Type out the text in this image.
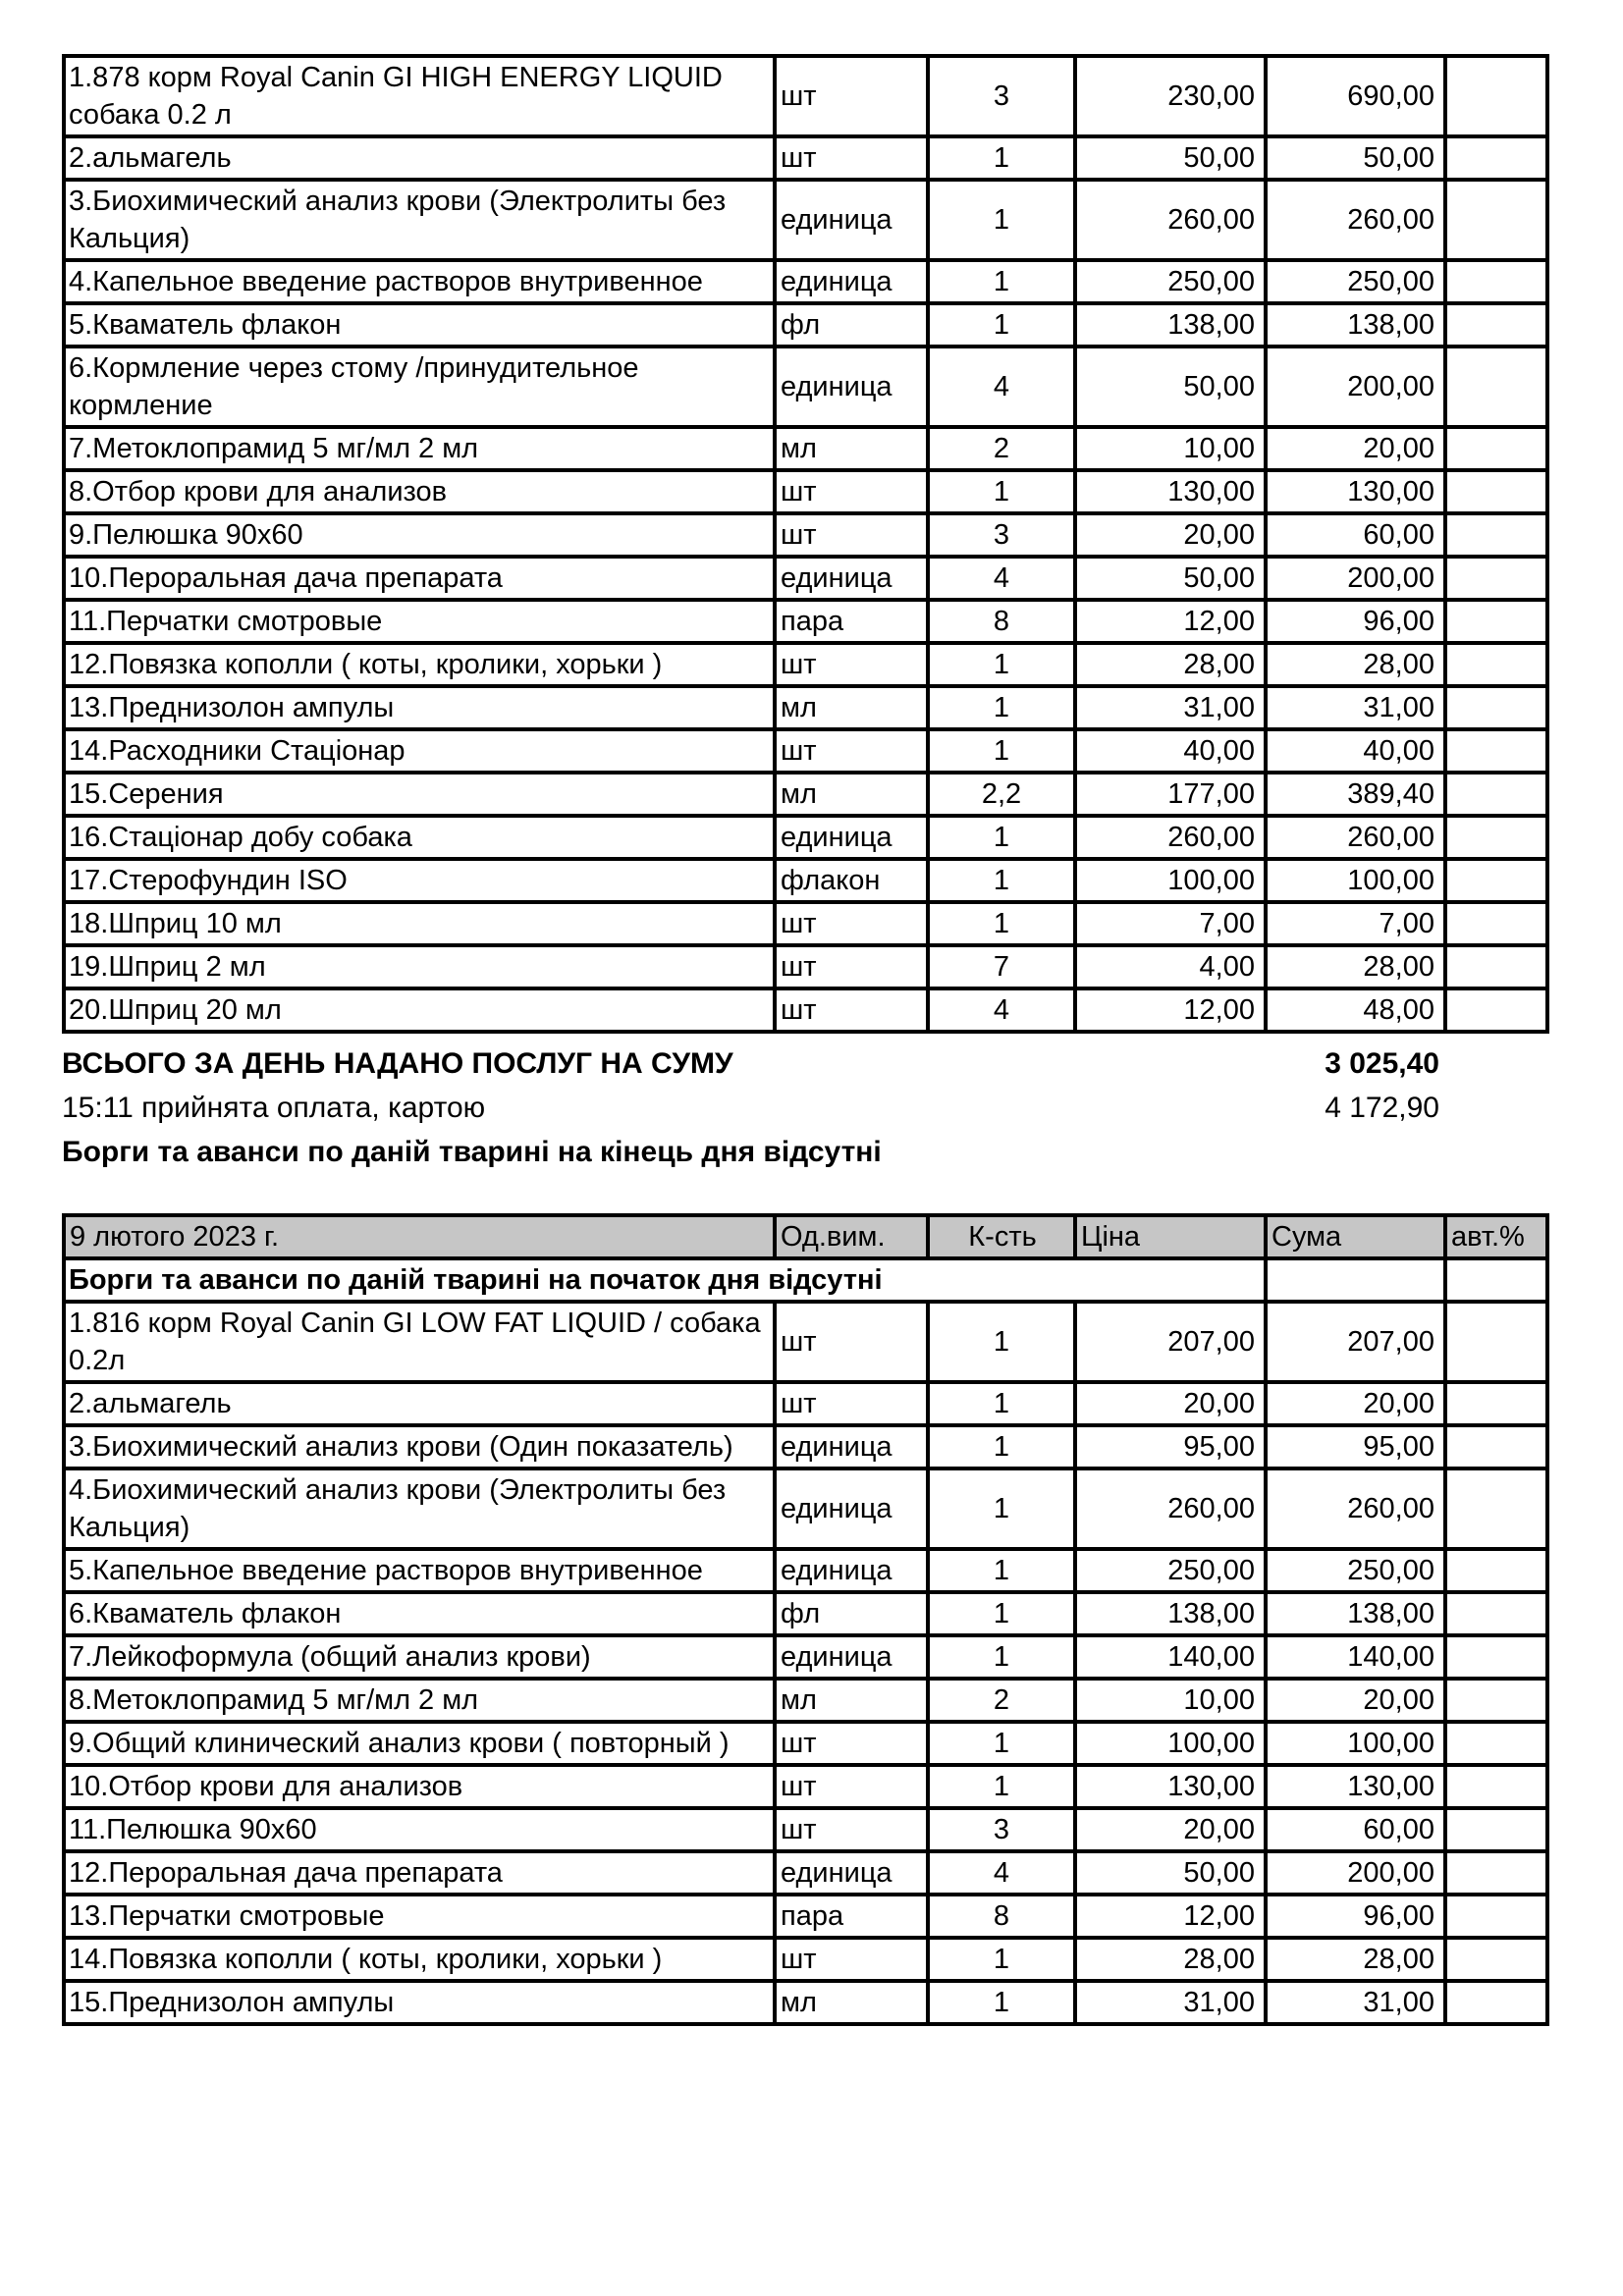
1.878 корм Royal Canin GI HIGH ENERGY LIQUID собака 0.2 л	шт	3	230,00	690,00	
2.альмагель	шт	1	50,00	50,00	
3.Биохимический анализ крови (Электролиты без Кальция)	единица	1	260,00	260,00	
4.Капельное введение растворов внутривенное	единица	1	250,00	250,00	
5.Кваматель флакон	фл	1	138,00	138,00	
6.Кормление через стому /принудительное кормление	единица	4	50,00	200,00	
7.Метоклопрамид 5 мг/мл 2 мл	мл	2	10,00	20,00	
8.Отбор крови для анализов	шт	1	130,00	130,00	
9.Пелюшка 90х60	шт	3	20,00	60,00	
10.Пероральная дача препарата	единица	4	50,00	200,00	
11.Перчатки смотровые	пара	8	12,00	96,00	
12.Повязка кополли ( коты, кролики, хорьки )	шт	1	28,00	28,00	
13.Преднизолон ампулы	мл	1	31,00	31,00	
14.Расходники Стаціонар	шт	1	40,00	40,00	
15.Серения	мл	2,2	177,00	389,40	
16.Стаціонар добу собака	единица	1	260,00	260,00	
17.Стерофундин ISO	флакон	1	100,00	100,00	
18.Шприц 10 мл	шт	1	7,00	7,00	
19.Шприц 2 мл	шт	7	4,00	28,00	
20.Шприц 20 мл	шт	4	12,00	48,00	
ВСЬОГО ЗА ДЕНЬ НАДАНО ПОСЛУГ НА СУМУ	3 025,40
15:11 прийнята оплата, картою	4 172,90
Борги та аванси по даній тварині на кінець дня відсутні
9 лютого 2023 г.	Од.вим.	К-сть	Ціна	Сума	авт.%
Борги та аванси по даній тварині на початок дня відсутні					
1.816 корм Royal Canin GI LOW FAT LIQUID / собака 0.2л	шт	1	207,00	207,00	
2.альмагель	шт	1	20,00	20,00	
3.Биохимический анализ крови (Один показатель)	единица	1	95,00	95,00	
4.Биохимический анализ крови (Электролиты без Кальция)	единица	1	260,00	260,00	
5.Капельное введение растворов внутривенное	единица	1	250,00	250,00	
6.Кваматель флакон	фл	1	138,00	138,00	
7.Лейкоформула (общий анализ крови)	единица	1	140,00	140,00	
8.Метоклопрамид 5 мг/мл 2 мл	мл	2	10,00	20,00	
9.Общий клинический анализ крови ( повторный )	шт	1	100,00	100,00	
10.Отбор крови для анализов	шт	1	130,00	130,00	
11.Пелюшка 90х60	шт	3	20,00	60,00	
12.Пероральная дача препарата	единица	4	50,00	200,00	
13.Перчатки смотровые	пара	8	12,00	96,00	
14.Повязка кополли ( коты, кролики, хорьки )	шт	1	28,00	28,00	
15.Преднизолон ампулы	мл	1	31,00	31,00	
